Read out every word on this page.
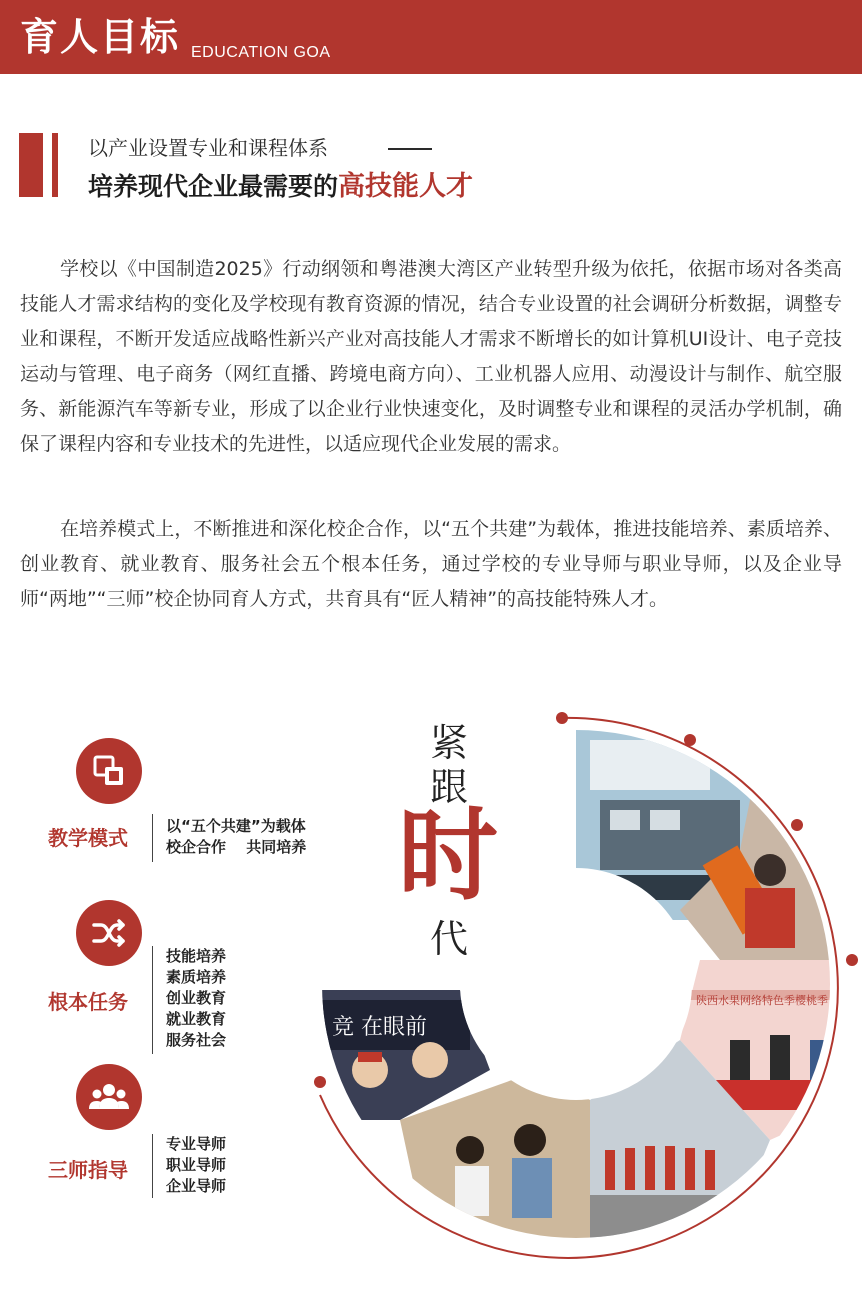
育人目标 EDUCATION GOA
以产业设置专业和课程体系
培养现代企业最需要的高技能人才

学校以《中国制造2025》行动纲领和粤港澳大湾区产业转型升级为依托，依据市场对各类高技能人才需求结构的变化及学校现有教育资源的情况，结合专业设置的社会调研分析数据，调整专业和课程，不断开发适应战略性新兴产业对高技能人才需求不断增长的如计算机UI设计、电子竞技运动与管理、电子商务（网红直播、跨境电商方向）、工业机器人应用、动漫设计与制作、航空服务、新能源汽车等新专业，形成了以企业行业快速变化，及时调整专业和课程的灵活办学机制，确保了课程内容和专业技术的先进性，以适应现代企业发展的需求。

在培养模式上，不断推进和深化校企合作，以“五个共建”为载体，推进技能培养、素质培养、创业教育、就业教育、服务社会五个根本任务，通过学校的专业导师与职业导师，以及企业导师“两地”“三师”校企协同育人方式，共育具有“匠人精神”的高技能特殊人才。

教学模式	以“五个共建”为载体
校企合作　 共同培养
根本任务
技能培养
素质培养
创业教育
就业教育
服务社会
三师指导
专业导师
职业导师
企业导师
紧
跟
时
代
竞 在眼前
陕西水果网络特色季樱桃季
